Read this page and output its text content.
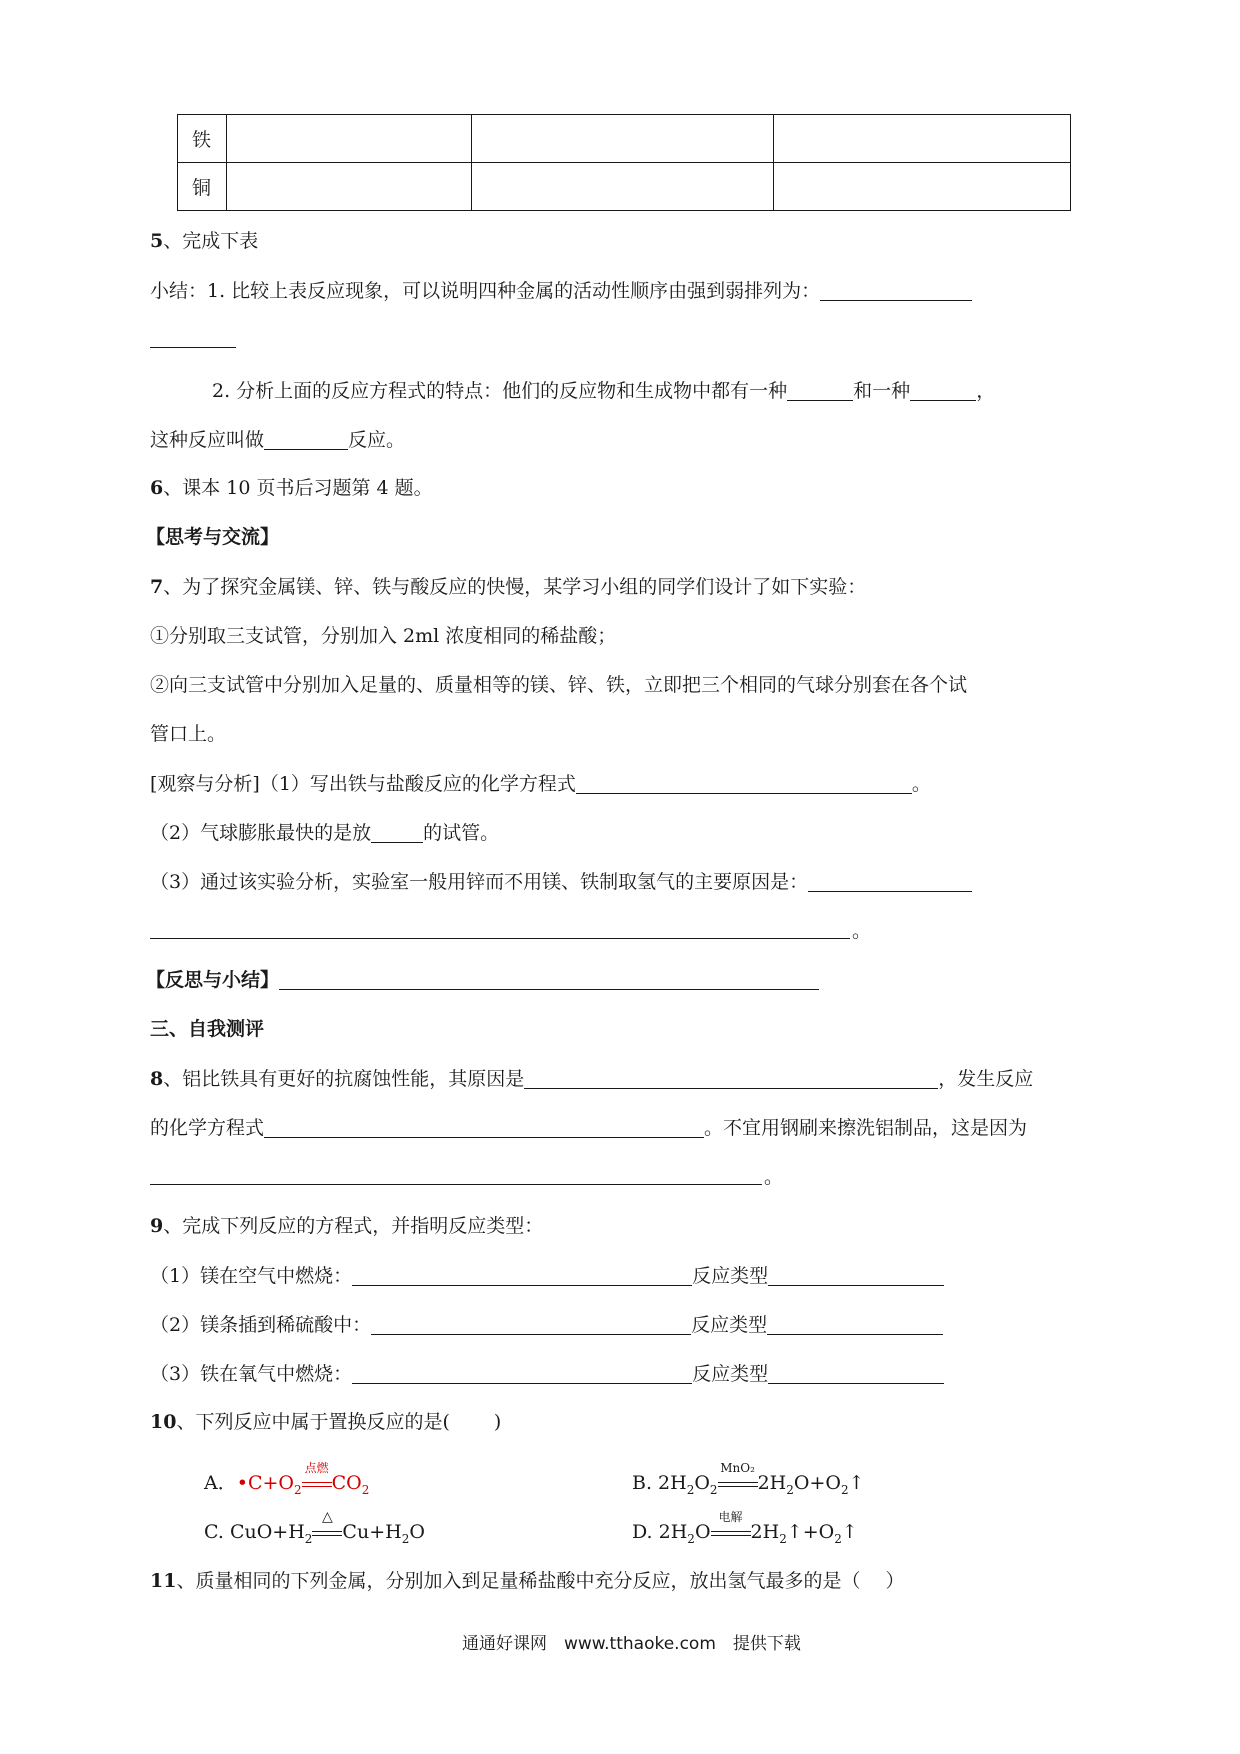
铁			
铜			
5、完成下表
小结：1. 比较上表反应现象，可以说明四种金属的活动性顺序由强到弱排列为：
2. 分析上面的反应方程式的特点：他们的反应物和生成物中都有一种	和一种	，
这种反应叫做	反应。
6、课本 10 页书后习题第 4 题。
【思考与交流】
7、为了探究金属镁、锌、铁与酸反应的快慢，某学习小组的同学们设计了如下实验：
①分别取三支试管，分别加入 2ml 浓度相同的稀盐酸；
②向三支试管中分别加入足量的、质量相等的镁、锌、铁，立即把三个相同的气球分别套在各个试
管口上。
[观察与分析]（1）写出铁与盐酸反应的化学方程式	。
（2）气球膨胀最快的是放	的试管。
（3）通过该实验分析，实验室一般用锌而不用镁、铁制取氢气的主要原因是：
。
【反思与小结】
三、自我测评
8、铝比铁具有更好的抗腐蚀性能，其原因是	，发生反应
的化学方程式	。不宜用钢刷来擦洗铝制品，这是因为
。
9、完成下列反应的方程式，并指明反应类型：
（1）镁在空气中燃烧：	反应类型
（2）镁条插到稀硫酸中：	反应类型
（3）铁在氧气中燃烧：	反应类型
10、下列反应中属于置换反应的是(　　 )
A．$•C+O_2$
点燃
$CO_2$	B. $2H_2O_2$
MnO₂
$2H_2O+O_2↑$
C. $CuO+H_2$
△
$Cu+H_2O$	D. $2H_2O$
电解
$2H_2↑+O_2↑$
11、质量相同的下列金属，分别加入到足量稀盐酸中充分反应，放出氢气最多的是（　 ）
通通好课网　www.tthaoke.com　提供下载
